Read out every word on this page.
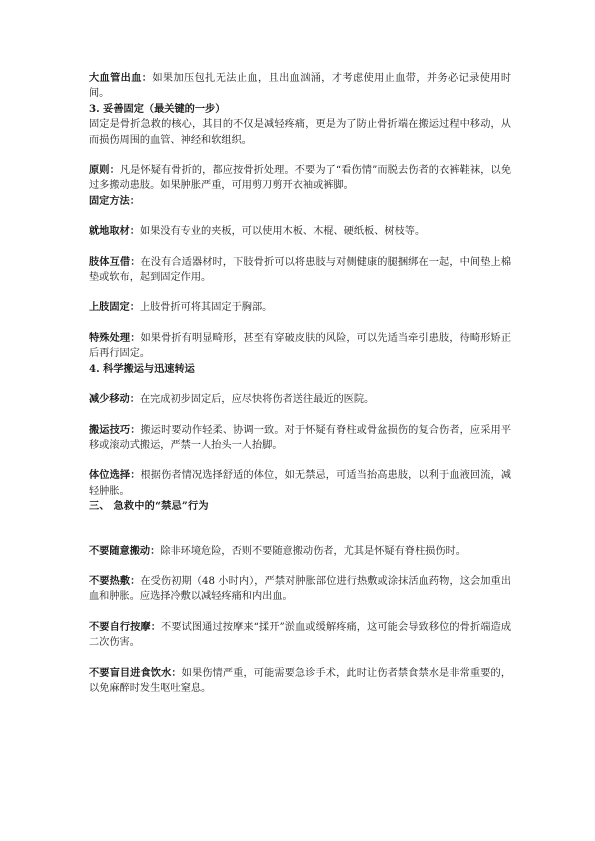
大血管出血：如果加压包扎无法止血，且出血汹涌，才考虑使用止血带，并务必记录使用时间。

3. 妥善固定（最关键的一步）

固定是骨折急救的核心，其目的不仅是减轻疼痛，更是为了防止骨折端在搬运过程中移动，从而损伤周围的血管、神经和软组织。

原则：凡是怀疑有骨折的，都应按骨折处理。不要为了“看伤情”而脱去伤者的衣裤鞋袜，以免过多搬动患肢。如果肿胀严重，可用剪刀剪开衣袖或裤脚。

固定方法：

就地取材：如果没有专业的夹板，可以使用木板、木棍、硬纸板、树枝等。

肢体互借：在没有合适器材时，下肢骨折可以将患肢与对侧健康的腿捆绑在一起，中间垫上棉垫或软布，起到固定作用。

上肢固定：上肢骨折可将其固定于胸部。

特殊处理：如果骨折有明显畸形，甚至有穿破皮肤的风险，可以先适当牵引患肢，待畸形矫正后再行固定。

4. 科学搬运与迅速转运

减少移动：在完成初步固定后，应尽快将伤者送往最近的医院。

搬运技巧：搬运时要动作轻柔、协调一致。对于怀疑有脊柱或骨盆损伤的复合伤者，应采用平移或滚动式搬运，严禁一人抬头一人抬脚。

体位选择：根据伤者情况选择舒适的体位，如无禁忌，可适当抬高患肢，以利于血液回流，减轻肿胀。

三、 急救中的“禁忌”行为

不要随意搬动：除非环境危险，否则不要随意搬动伤者，尤其是怀疑有脊柱损伤时。

不要热敷：在受伤初期（48 小时内），严禁对肿胀部位进行热敷或涂抹活血药物，这会加重出血和肿胀。应选择冷敷以减轻疼痛和内出血。

不要自行按摩：不要试图通过按摩来“揉开”淤血或缓解疼痛，这可能会导致移位的骨折端造成二次伤害。

不要盲目进食饮水：如果伤情严重，可能需要急诊手术，此时让伤者禁食禁水是非常重要的，以免麻醉时发生呕吐窒息。
